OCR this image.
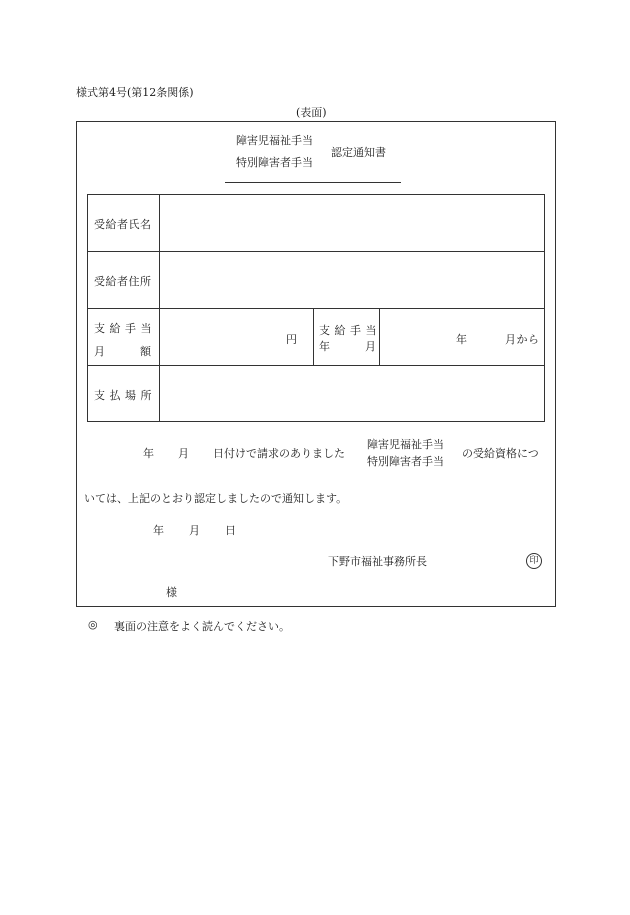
様式第4号(第12条関係)
(表面)
障害児福祉手当
特別障害者手当
認定通知書
受給者氏名
受給者住所
支 給 手 当
月　　　額
円
支 給 手 当
年　　　月
年	月から
支 払 場 所
年 月 日付けで請求のありました
障害児福祉手当
特別障害者手当
の受給資格につ
いては、上記のとおり認定しましたので通知します。
年 月 日
下野市福祉事務所長	印
様
◎ 裏面の注意をよく読んでください。
